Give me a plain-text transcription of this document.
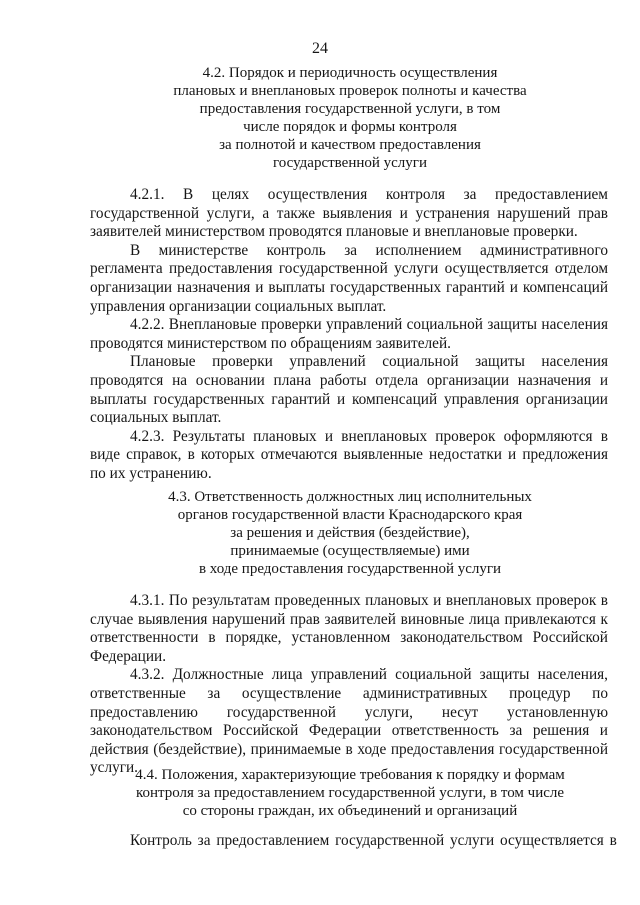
24
4.2. Порядок и периодичность осуществления
плановых и внеплановых проверок полноты и качества
предоставления государственной услуги, в том
числе порядок и формы контроля
за полнотой и качеством предоставления
государственной услуги

4.2.1. В целях осуществления контроля за предоставлением государственной услуги, а также выявления и устранения нарушений прав заявителей министерством проводятся плановые и внеплановые проверки.

В министерстве контроль за исполнением административного регламента предоставления государственной услуги осуществляется отделом организации назначения и выплаты государственных гарантий и компенсаций управления организации социальных выплат.

4.2.2. Внеплановые проверки управлений социальной защиты населения проводятся министерством по обращениям заявителей.

Плановые проверки управлений социальной защиты населения проводятся на основании плана работы отдела организации назначения и выплаты государственных гарантий и компенсаций управления организации социальных выплат.

4.2.3. Результаты плановых и внеплановых проверок оформляются в виде справок, в которых отмечаются выявленные недостатки и предложения по их устранению.

4.3. Ответственность должностных лиц исполнительных
органов государственной власти Краснодарского края
за решения и действия (бездействие),
принимаемые (осуществляемые) ими
в ходе предоставления государственной услуги

4.3.1. По результатам проведенных плановых и внеплановых проверок в случае выявления нарушений прав заявителей виновные лица привлекаются к ответственности в порядке, установленном законодательством Российской Федерации.

4.3.2. Должностные лица управлений социальной защиты населения, ответственные за осуществление административных процедур по предоставлению государственной услуги, несут установленную законодательством Российской Федерации ответственность за решения и действия (бездействие), принимаемые в ходе предоставления государственной услуги.

4.4. Положения, характеризующие требования к порядку и формам
контроля за предоставлением государственной услуги, в том числе
со стороны граждан, их объединений и организаций

Контроль за предоставлением государственной услуги осуществляется в
